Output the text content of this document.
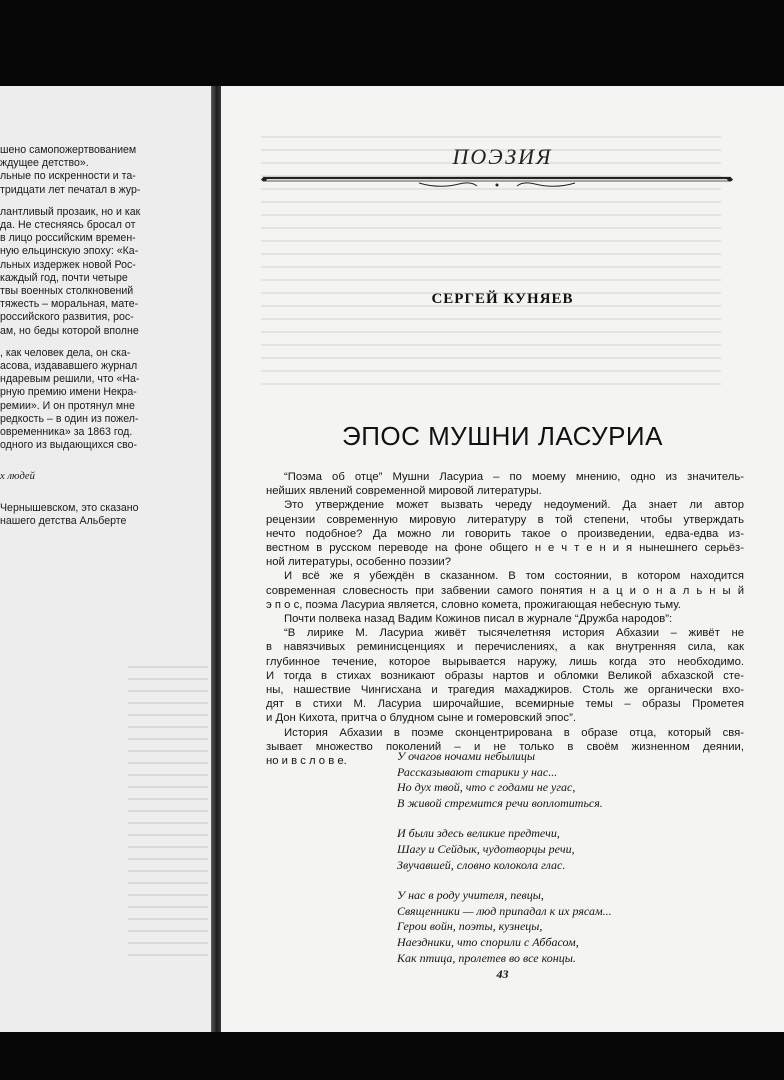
шено самопожертвованием
ждущее детство».
льные по искренности и та-
тридцати лет печатал в жур-
лантливый прозаик, но и как
да. Не стесняясь бросал от
в лицо российским времен-
ную ельцинскую эпоху: «Ка-
льных издержек новой Рос-
каждый год, почти четыре
твы военных столкновений
тяжесть – моральная, мате-
российского развития, рос-
ам, но беды которой вполне
, как человек дела, он ска-
асова, издававшего журнал
ндаревым решили, что «На-
рную премию имени Некра-
ремии». И он протянул мне
редкость – в один из пожел-
овременника» за 1863 год.
одного из выдающихся сво-
х людей
Чернышевском, это сказано
нашего детства Альберте
ПОЭЗИЯ
СЕРГЕЙ КУНЯЕВ
ЭПОС МУШНИ ЛАСУРИА
“Поэма об отце” Мушни Ласуриа – по моему мнению, одно из значитель-
нейших явлений современной мировой литературы.
Это утверждение может вызвать череду недоумений. Да знает ли автор
рецензии современную мировую литературу в той степени, чтобы утверждать
нечто подобное? Да можно ли говорить такое о произведении, едва-едва из-
вестном в русском переводе на фоне общего н е ч т е н и я нынешнего серьёз-
ной литературы, особенно поэзии?
И всё же я убеждён в сказанном. В том состоянии, в котором находится
современная словесность при забвении самого понятия н а ц и о н а л ь н ы й
э п о с, поэма Ласуриа является, словно комета, прожигающая небесную тьму.
Почти полвека назад Вадим Кожинов писал в журнале “Дружба народов”:
“В лирике М. Ласуриа живёт тысячелетняя история Абхазии – живёт не
в навязчивых реминисценциях и перечислениях, а как внутренняя сила, как
глубинное течение, которое вырывается наружу, лишь когда это необходимо.
И тогда в стихах возникают образы нартов и обломки Великой абхазской сте-
ны, нашествие Чингисхана и трагедия махаджиров. Столь же органически вхо-
дят в стихи М. Ласуриа широчайшие, всемирные темы – образы Прометея
и Дон Кихота, притча о блудном сыне и гомеровский эпос”.
История Абхазии в поэме сконцентрирована в образе отца, который свя-
зывает множество поколений – и не только в своём жизненном деянии,
но и в с л о в е.	У очагов ночами небылицы
Рассказывают старики у нас...
Но дух твой, что с годами не угас,
В живой стремится речи воплотиться.
И были здесь великие предтечи,
Шагу и Сейдык, чудотворцы речи,
Звучавшей, словно колокола глас.
У нас в роду учителя, певцы,
Священники — люд припадал к их рясам...
Герои войн, поэты, кузнецы,
Наездники, что спорили с Аббасом,
Как птица, пролетев во все концы.
43
